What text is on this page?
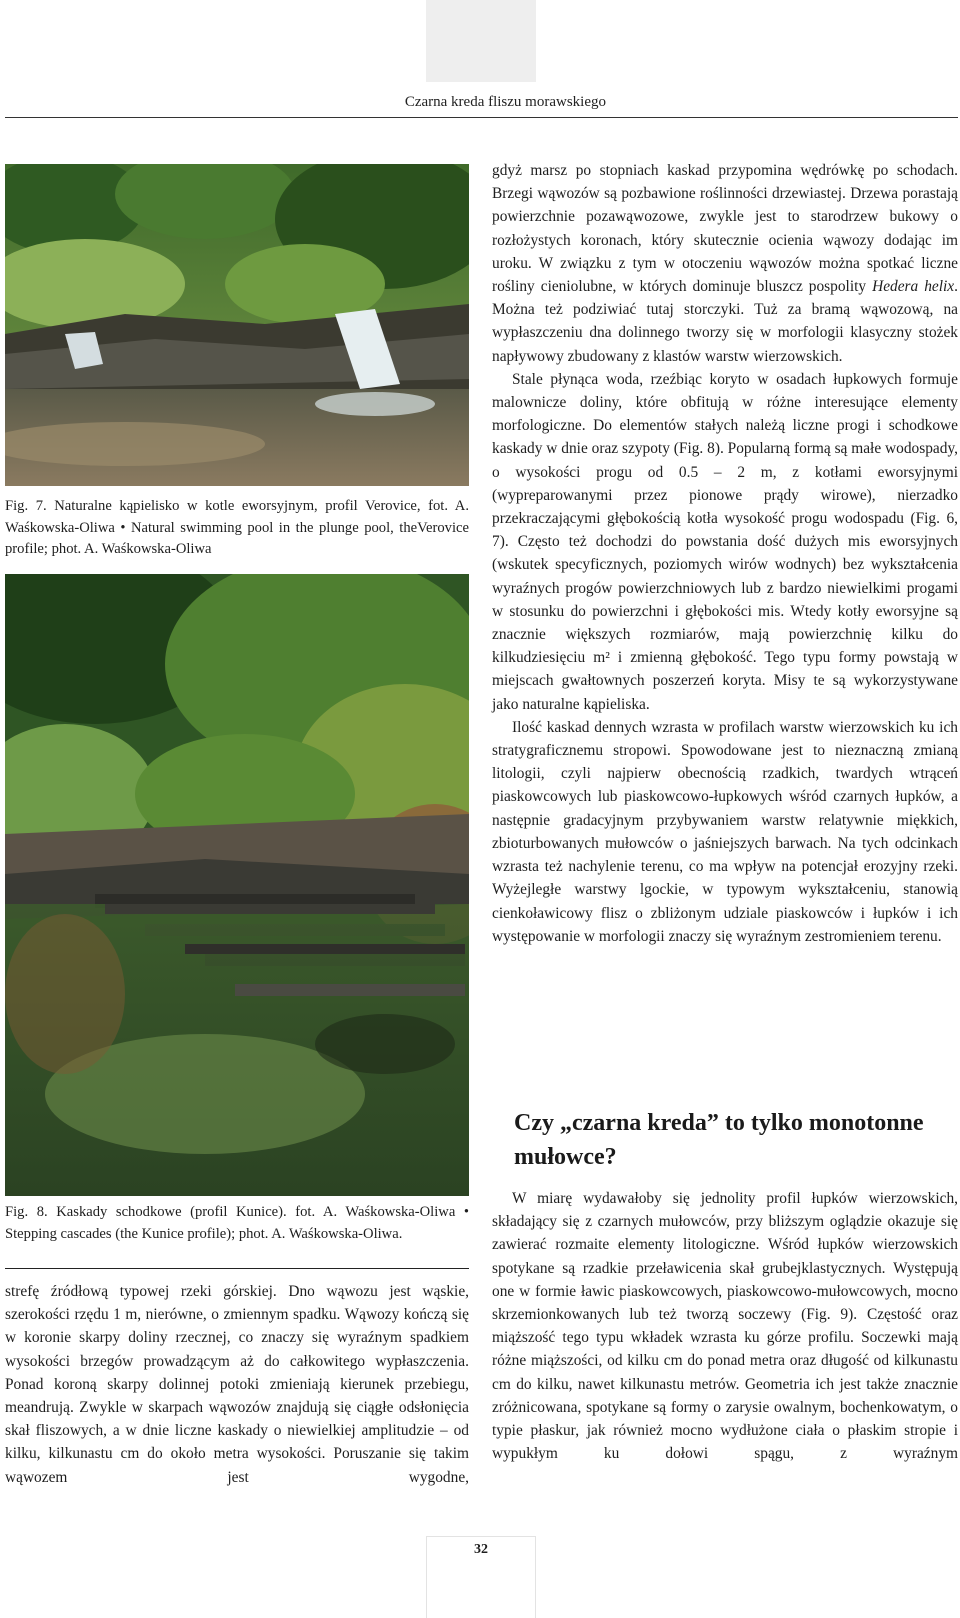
Czarna kreda fliszu morawskiego
Fig. 7. Naturalne kąpielisko w kotle eworsyjnym, profil Verovice, fot. A. Waśkowska-Oliwa • Natural swimming pool in the plunge pool, theVerovice profile; phot. A. Waśkowska-Oliwa
Fig. 8. Kaskady schodkowe (profil Kunice). fot. A. Waśkowska-Oliwa • Stepping cascades (the Kunice profile); phot. A. Waśkowska-Oliwa.

strefę źródłową typowej rzeki górskiej. Dno wąwozu jest wąskie, szerokości rzędu 1 m, nierówne, o zmiennym spadku. Wąwozy kończą się w koronie skarpy doliny rzecznej, co znaczy się wyraźnym spadkiem wysokości brzegów prowadzącym aż do całkowitego wypłaszczenia. Ponad koroną skarpy dolinnej potoki zmieniają kierunek przebiegu, meandrują. Zwykle w skarpach wąwozów znajdują się ciągłe odsłonięcia skał fliszowych, a w dnie liczne kaskady o niewielkiej amplitudzie – od kilku, kilkunastu cm do około metra wysokości. Poruszanie się takim wąwozem jest wygodne,

gdyż marsz po stopniach kaskad przypomina wędrówkę po schodach. Brzegi wąwozów są pozbawione roślinności drzewiastej. Drzewa porastają powierzchnie pozawąwozowe, zwykle jest to starodrzew bukowy o rozłożystych koronach, który skutecznie ocienia wąwozy dodając im uroku. W związku z tym w otoczeniu wąwozów można spotkać liczne rośliny cieniolubne, w których dominuje bluszcz pospolity Hedera helix. Można też podziwiać tutaj storczyki. Tuż za bramą wąwozową, na wypłaszczeniu dna dolinnego tworzy się w morfologii klasyczny stożek napływowy zbudowany z klastów warstw wierzowskich.

Stale płynąca woda, rzeźbiąc koryto w osadach łupkowych formuje malownicze doliny, które obfitują w różne interesujące elementy morfologiczne. Do elementów stałych należą liczne progi i schodkowe kaskady w dnie oraz szypoty (Fig. 8). Popularną formą są małe wodospady, o wysokości progu od 0.5 – 2 m, z kotłami eworsyjnymi (wypreparowanymi przez pionowe prądy wirowe), nierzadko przekraczającymi głębokością kotła wysokość progu wodospadu (Fig. 6, 7). Często też dochodzi do powstania dość dużych mis eworsyjnych (wskutek specyficznych, poziomych wirów wodnych) bez wykształcenia wyraźnych progów powierzchniowych lub z bardzo niewielkimi progami w stosunku do powierzchni i głębokości mis. Wtedy kotły eworsyjne są znacznie większych rozmiarów, mają powierzchnię kilku do kilkudziesięciu m² i zmienną głębokość. Tego typu formy powstają w miejscach gwałtownych poszerzeń koryta. Misy te są wykorzystywane jako naturalne kąpieliska.

Ilość kaskad dennych wzrasta w profilach warstw wierzowskich ku ich stratygraficznemu stropowi. Spowodowane jest to nieznaczną zmianą litologii, czyli najpierw obecnością rzadkich, twardych wtrąceń piaskowcowych lub piaskowcowo-łupkowych wśród czarnych łupków, a następnie gradacyjnym przybywaniem warstw relatywnie miękkich, zbioturbowanych mułowców o jaśniejszych barwach. Na tych odcinkach wzrasta też nachylenie terenu, co ma wpływ na potencjał erozyjny rzeki. Wyżejległe warstwy lgockie, w typowym wykształceniu, stanowią cienkoławicowy flisz o zbliżonym udziale piaskowców i łupków i ich występowanie w morfologii znaczy się wyraźnym zestromieniem terenu.

Czy „czarna kreda” to tylko monotonne mułowce?

W miarę wydawałoby się jednolity profil łupków wierzowskich, składający się z czarnych mułowców, przy bliższym oglądzie okazuje się zawierać rozmaite elementy litologiczne. Wśród łupków wierzowskich spotykane są rzadkie przeławicenia skał grubejklastycznych. Występują one w formie ławic piaskowcowych, piaskowcowo-mułowcowych, mocno skrzemionkowanych lub też tworzą soczewy (Fig. 9). Częstość oraz miąższość tego typu wkładek wzrasta ku górze profilu. Soczewki mają różne miąższości, od kilku cm do ponad metra oraz długość od kilkunastu cm do kilku, nawet kilkunastu metrów. Geometria ich jest także znacznie zróżnicowana, spotykane są formy o zarysie owalnym, bochenkowatym, o typie płaskur, jak również mocno wydłużone ciała o płaskim stropie i wypukłym ku dołowi spągu, z wyraźnym

32
